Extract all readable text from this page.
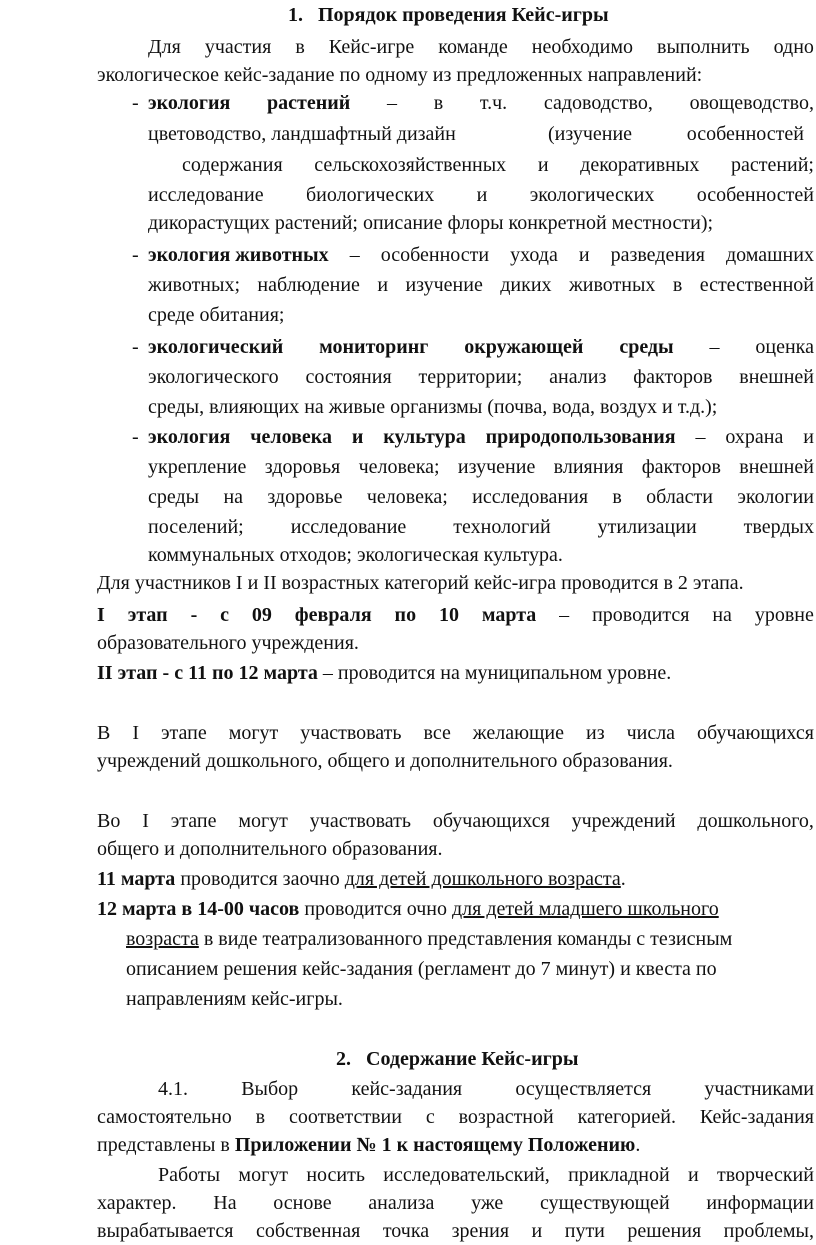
1. Порядок проведения Кейс-игры
Для участия в Кейс-игре команде необходимо выполнить одно
экологическое кейс-задание по одному из предложенных направлений:
- экология растений – в т.ч. садоводство, овощеводство,
цветоводство, ландшафтный дизайн	(изучение	особенностей
содержания сельскохозяйственных и декоративных растений;
исследование биологических и экологических особенностей
дикорастущих растений; описание флоры конкретной местности);
- экология животных – особенности ухода и разведения домашних
животных; наблюдение и изучение диких животных в естественной
среде обитания;
- экологический мониторинг окружающей среды – оценка
экологического состояния территории; анализ факторов внешней
среды, влияющих на живые организмы (почва, вода, воздух и т.д.);
- экология человека и культура природопользования – охрана и
укрепление здоровья человека; изучение влияния факторов внешней
среды на здоровье человека; исследования в области экологии
поселений; исследование технологий утилизации твердых
коммунальных отходов; экологическая культура.
Для участников I и II возрастных категорий кейс-игра проводится в 2 этапа.
I этап - с 09 февраля по 10 марта – проводится на уровне
образовательного учреждения.
II этап - с 11 по 12 марта – проводится на муниципальном уровне.
В I этапе могут участвовать все желающие из числа обучающихся
учреждений дошкольного, общего и дополнительного образования.
Во I этапе могут участвовать обучающихся учреждений дошкольного,
общего и дополнительного образования.
11 марта проводится заочно для детей дошкольного возраста.
12 марта в 14-00 часов проводится очно для детей младшего школьного
возраста в виде театрализованного представления команды с тезисным
описанием решения кейс-задания (регламент до 7 минут) и квеста по
направлениям кейс-игры.
2. Содержание Кейс-игры
4.1.	Выбор	кейс-задания	осуществляется	участниками
самостоятельно в соответствии с возрастной категорией. Кейс-задания
представлены в Приложении № 1 к настоящему Положению.
Работы могут носить исследовательский, прикладной и творческий
характер. На основе анализа уже существующей информации
вырабатывается собственная точка зрения и пути решения проблемы,
